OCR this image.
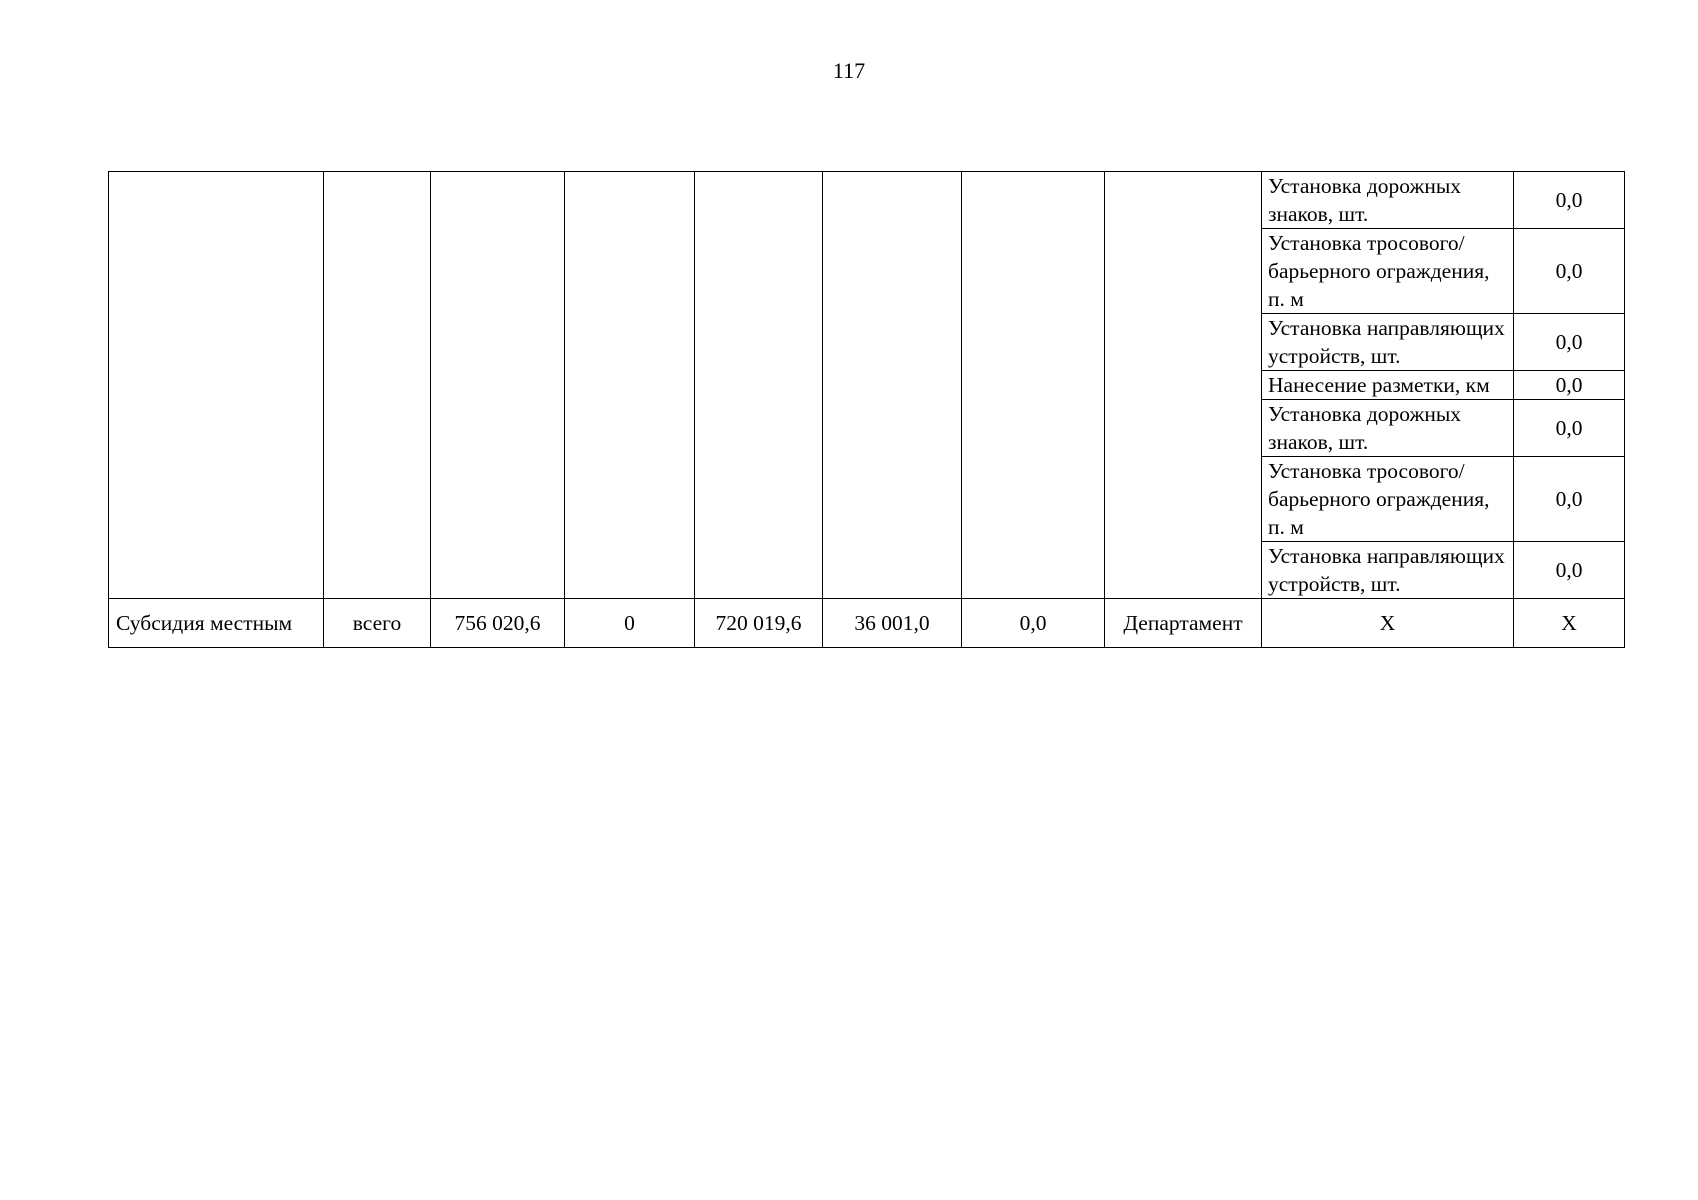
117
								Установка дорожных знаков, шт.	0,0
								Установка тросового/барьерного ограждения, п. м	0,0
								Установка направляющих устройств, шт.	0,0
								Нанесение разметки, км	0,0
								Установка дорожных знаков, шт.	0,0
								Установка тросового/барьерного ограждения, п. м	0,0
								Установка направляющих устройств, шт.	0,0
Субсидия местным	всего	756 020,6	0	720 019,6	36 001,0	0,0	Департамент	Х	Х
